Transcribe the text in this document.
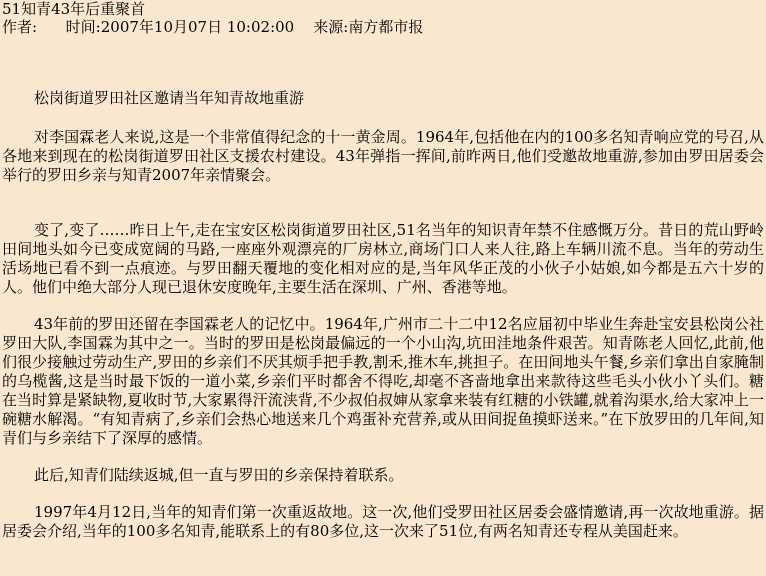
51知青43年后重聚首
作者: 时间:2007年10月07日 10:02:00 来源:南方都市报

松岗街道罗田社区邀请当年知青故地重游

对李国霖老人来说,这是一个非常值得纪念的十一黄金周。1964年,包括他在内的100多名知青响应党的号召,从各地来到现在的松岗街道罗田社区支援农村建设。43年弹指一挥间,前昨两日,他们受邀故地重游,参加由罗田居委会举行的罗田乡亲与知青2007年亲情聚会。

变了,变了……昨日上午,走在宝安区松岗街道罗田社区,51名当年的知识青年禁不住感慨万分。昔日的荒山野岭田间地头如今已变成宽阔的马路,一座座外观漂亮的厂房林立,商场门口人来人往,路上车辆川流不息。当年的劳动生活场地已看不到一点痕迹。与罗田翻天覆地的变化相对应的是,当年风华正茂的小伙子小姑娘,如今都是五六十岁的人。他们中绝大部分人现已退休安度晚年,主要生活在深圳、广州、香港等地。

43年前的罗田还留在李国霖老人的记忆中。1964年,广州市二十二中12名应届初中毕业生奔赴宝安县松岗公社罗田大队,李国霖为其中之一。当时的罗田是松岗最偏远的一个小山沟,坑田洼地条件艰苦。知青陈老人回忆,此前,他们很少接触过劳动生产,罗田的乡亲们不厌其烦手把手教,割禾,推木车,挑担子。在田间地头午餐,乡亲们拿出自家腌制的乌榄酱,这是当时最下饭的一道小菜,乡亲们平时都舍不得吃,却毫不吝啬地拿出来款待这些毛头小伙小丫头们。糖在当时算是紧缺物,夏收时节,大家累得汗流浃背,不少叔伯叔婶从家拿来装有红糖的小铁罐,就着沟渠水,给大家冲上一碗糖水解渴。“有知青病了,乡亲们会热心地送来几个鸡蛋补充营养,或从田间捉鱼摸虾送来。”在下放罗田的几年间,知青们与乡亲结下了深厚的感情。

此后,知青们陆续返城,但一直与罗田的乡亲保持着联系。

1997年4月12日,当年的知青们第一次重返故地。这一次,他们受罗田社区居委会盛情邀请,再一次故地重游。据居委会介绍,当年的100多名知青,能联系上的有80多位,这一次来了51位,有两名知青还专程从美国赶来。
